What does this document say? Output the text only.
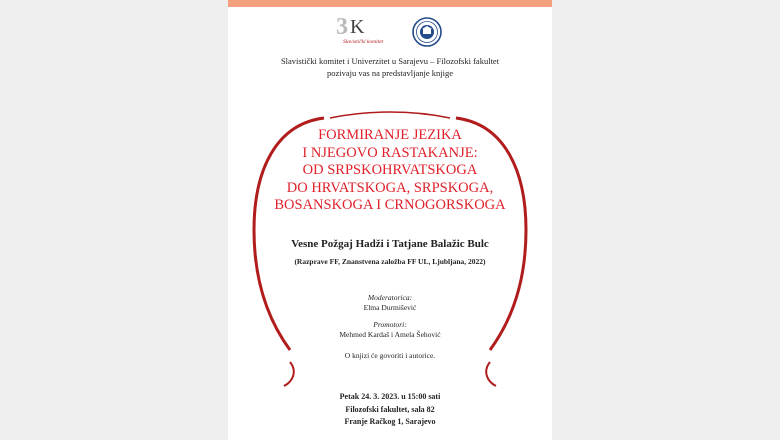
3 K
Slavistički komitet
Slavistički komitet i Univerzitet u Sarajevu – Filozofski fakultet
pozivaju vas na predstavljanje knjige
FORMIRANJE JEZIKA
I NJEGOVO RASTAKANJE:
OD SRPSKOHRVATSKOGA
DO HRVATSKOGA, SRPSKOGA,
BOSANSKOGA I CRNOGORSKOGA
Vesne Požgaj Hadži i Tatjane Balažic Bulc
(Razprave FF, Znanstvena založba FF UL, Ljubljana, 2022)
Moderatorica:
Elma Durmišević
Promotori:
Mehmed Kardaš i Amela Šehović
O knjizi će govoriti i autorice.
Petak 24. 3. 2023. u 15:00 sati
Filozofski fakultet, sala 82
Franje Račkog 1, Sarajevo
